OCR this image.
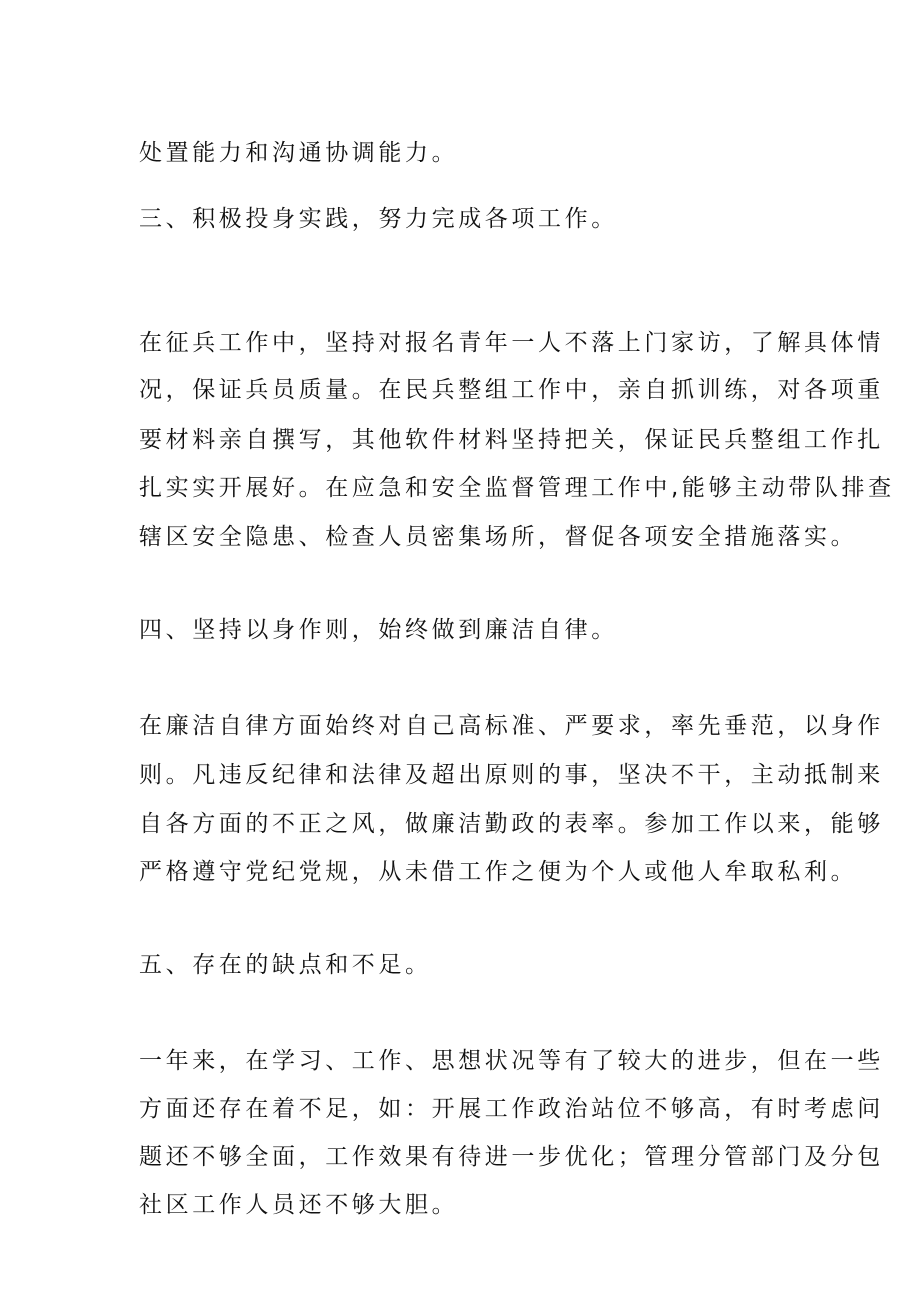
处置能力和沟通协调能力。
三、积极投身实践，努力完成各项工作。
在征兵工作中，坚持对报名青年一人不落上门家访，了解具体情
况，保证兵员质量。在民兵整组工作中，亲自抓训练，对各项重
要材料亲自撰写，其他软件材料坚持把关，保证民兵整组工作扎
扎实实开展好。在应急和安全监督管理工作中,能够主动带队排查
辖区安全隐患、检查人员密集场所，督促各项安全措施落实。
四、坚持以身作则，始终做到廉洁自律。
在廉洁自律方面始终对自己高标准、严要求，率先垂范，以身作
则。凡违反纪律和法律及超出原则的事，坚决不干，主动抵制来
自各方面的不正之风，做廉洁勤政的表率。参加工作以来，能够
严格遵守党纪党规，从未借工作之便为个人或他人牟取私利。
五、存在的缺点和不足。
一年来，在学习、工作、思想状况等有了较大的进步，但在一些
方面还存在着不足，如：开展工作政治站位不够高，有时考虑问
题还不够全面，工作效果有待进一步优化；管理分管部门及分包
社区工作人员还不够大胆。
